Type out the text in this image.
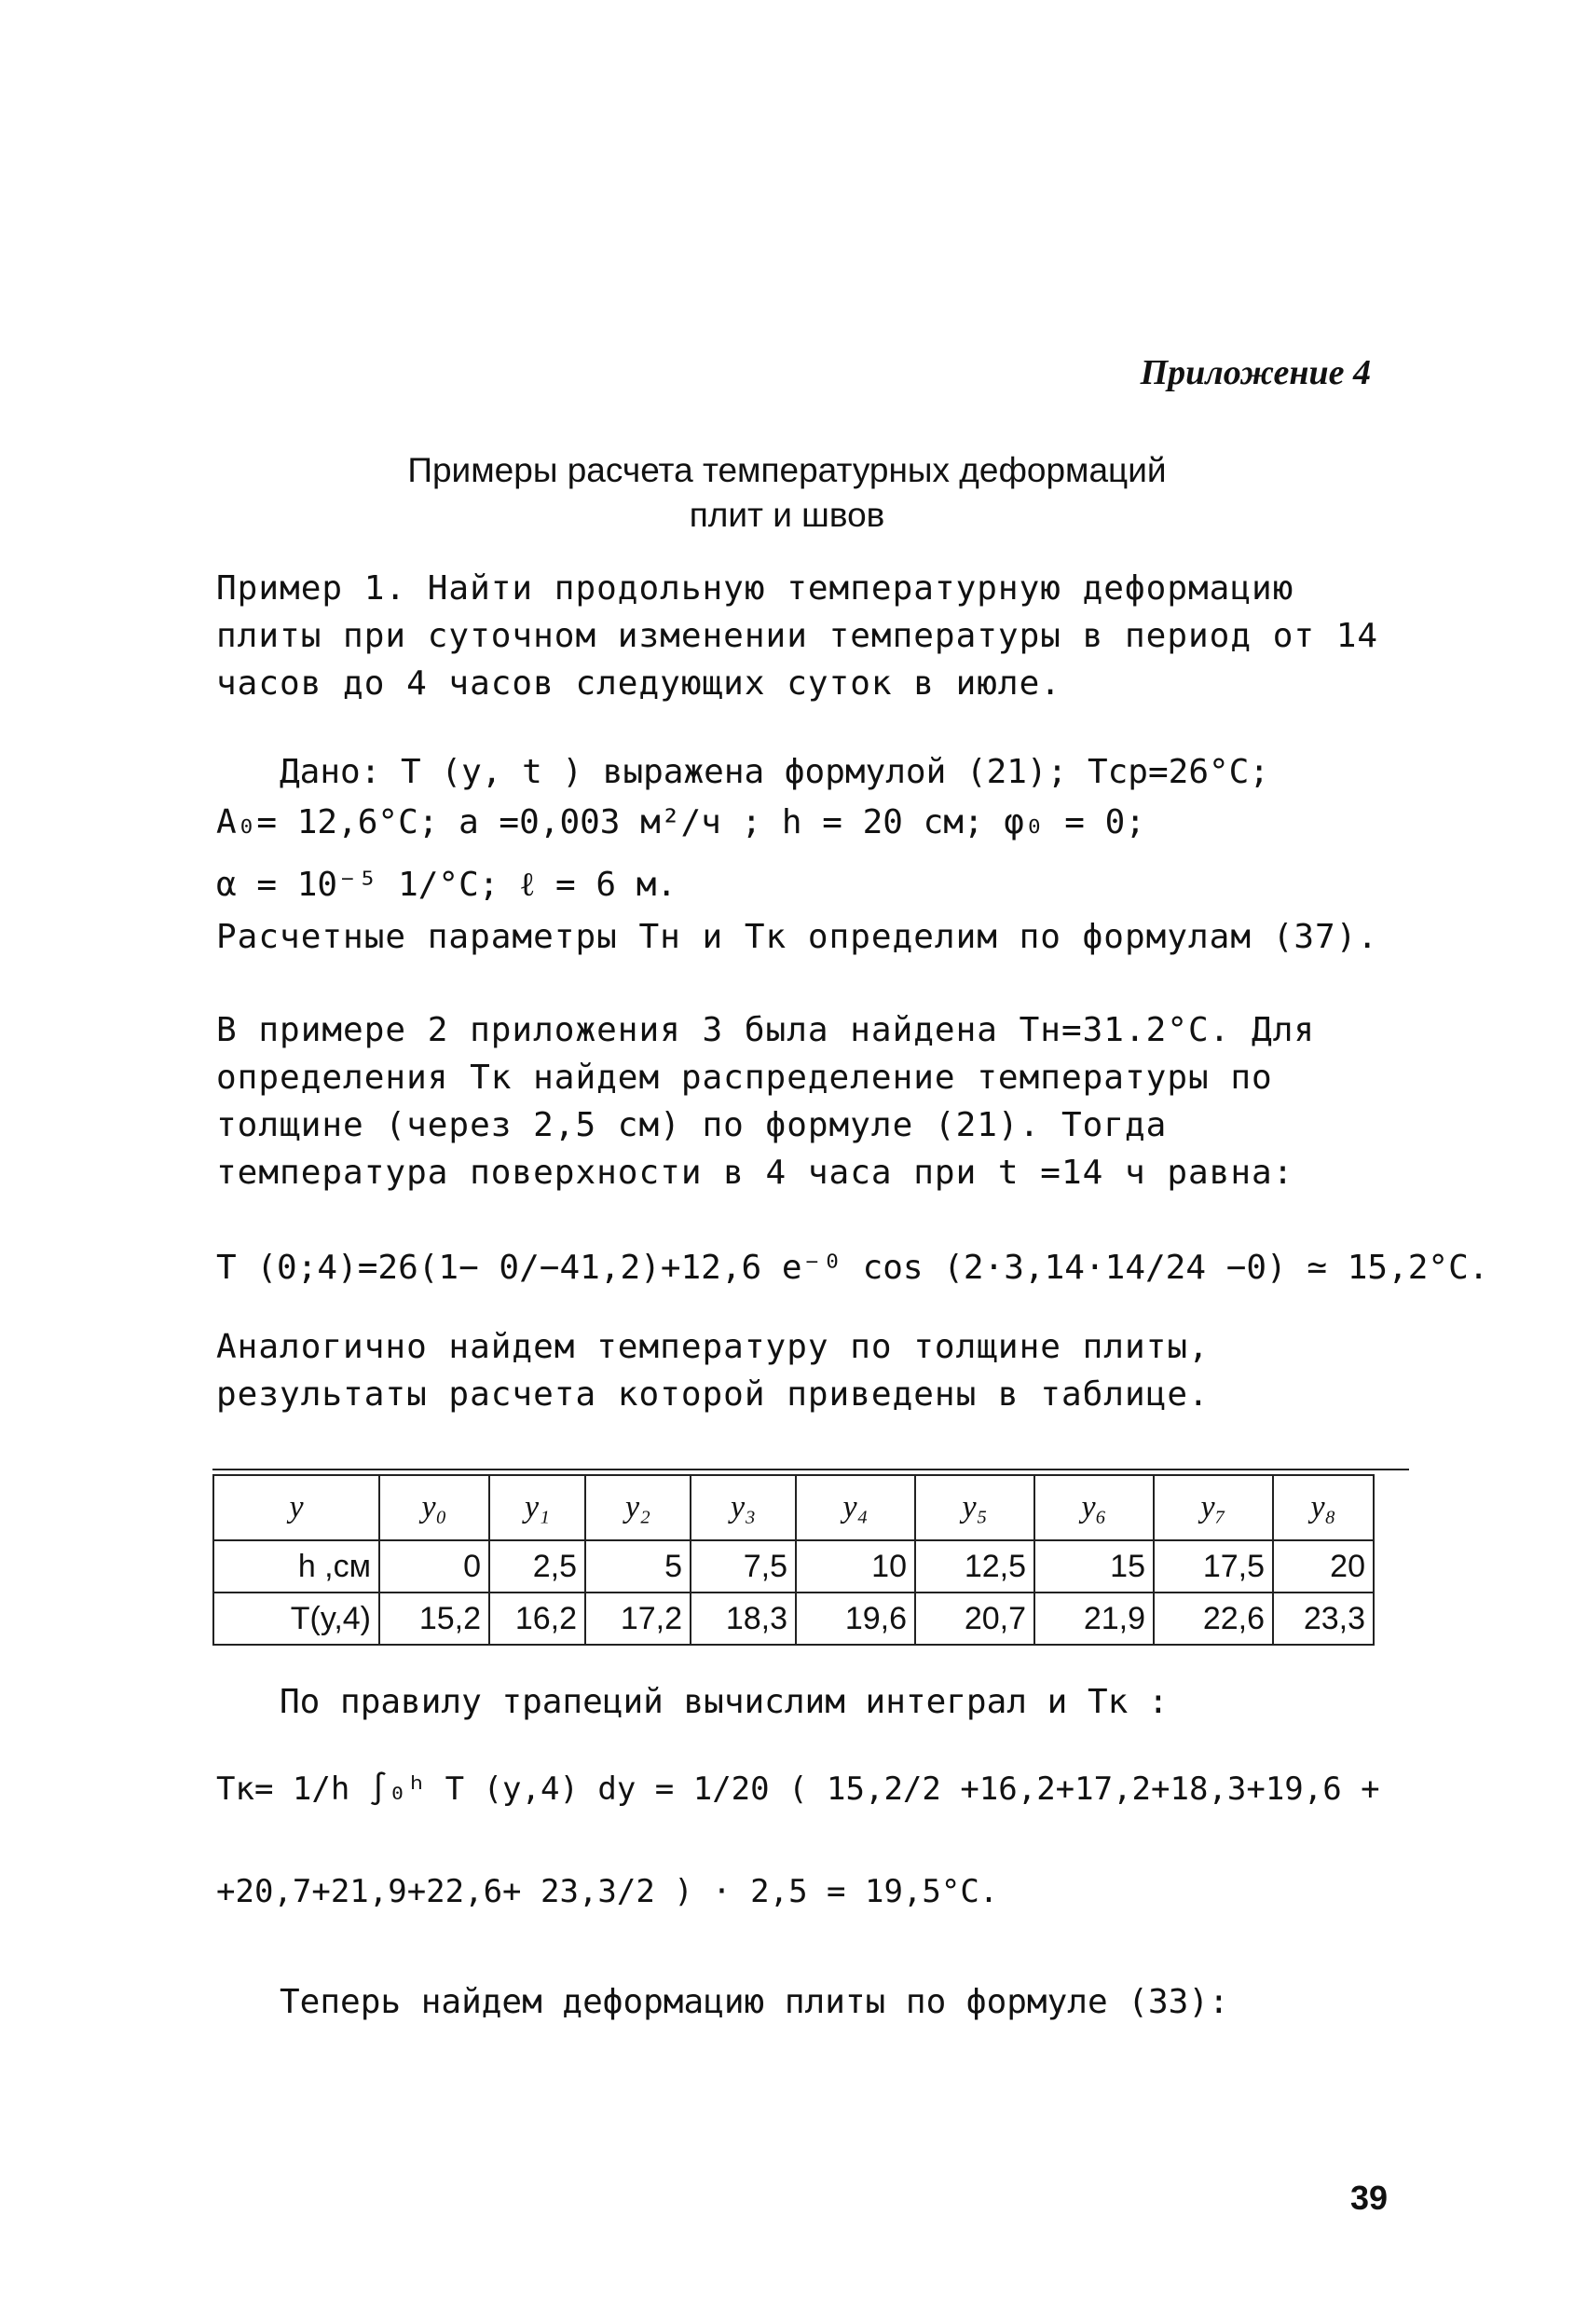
Приложение 4
Примеры расчета температурных деформаций
плит и швов
Пример 1. Найти продольную температурную деформацию плиты при суточном изменении температуры в период от 14 часов до 4 часов следующих суток в июле.
Дано: T (y, t ) выражена формулой (21); Tср=26°C;
A₀= 12,6°C; a =0,003 м²/ч ; h = 20 см; φ₀ = 0;
α = 10⁻⁵ 1/°C; ℓ = 6 м.
Расчетные параметры Tн и Tк определим по формулам (37).
В примере 2 приложения 3 была найдена Tн=31.2°C. Для определения Tк найдем распределение температуры по толщине (через 2,5 см) по формуле (21). Тогда температура поверхности в 4 часа при t =14 ч равна:
T (0;4)=26(1− 0/−41,2)+12,6 e⁻⁰ cos (2·3,14·14/24 −0) ≃ 15,2°C.
Аналогично найдем температуру по толщине плиты, результаты расчета которой приведены в таблице.
y	y₀	y₁	y₂	y₃	y₄	y₅	y₆	y₇	y₈
h ,см	0	2,5	5	7,5	10	12,5	15	17,5	20
T(y,4)	15,2	16,2	17,2	18,3	19,6	20,7	21,9	22,6	23,3
По правилу трапеций вычислим интеграл и Tк :
Tк= 1/h ∫₀ʰ T (y,4) dy = 1/20 ( 15,2/2 +16,2+17,2+18,3+19,6 +
+20,7+21,9+22,6+ 23,3/2 ) · 2,5 = 19,5°C.
Теперь найдем деформацию плиты по формуле (33):
39
